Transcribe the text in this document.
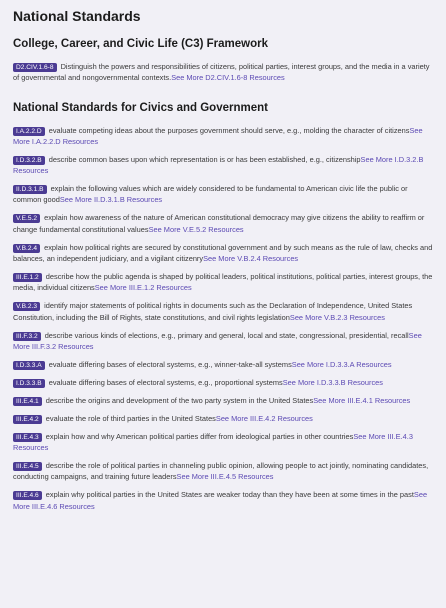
National Standards
College, Career, and Civic Life (C3) Framework

D2.CIV.1.6-8 Distinguish the powers and responsibilities of citizens, political parties, interest groups, and the media in a variety of governmental and nongovernmental contexts.See More D2.CIV.1.6-8 Resources

National Standards for Civics and Government

I.A.2.2.D evaluate competing ideas about the purposes government should serve, e.g., molding the character of citizensSee More I.A.2.2.D Resources

I.D.3.2.B describe common bases upon which representation is or has been established, e.g., citizenshipSee More I.D.3.2.B Resources

II.D.3.1.B explain the following values which are widely considered to be fundamental to American civic life the public or common goodSee More II.D.3.1.B Resources

V.E.5.2 explain how awareness of the nature of American constitutional democracy may give citizens the ability to reaffirm or change fundamental constitutional valuesSee More V.E.5.2 Resources

V.B.2.4 explain how political rights are secured by constitutional government and by such means as the rule of law, checks and balances, an independent judiciary, and a vigilant citizenrySee More V.B.2.4 Resources

III.E.1.2 describe how the public agenda is shaped by political leaders, political institutions, political parties, interest groups, the media, individual citizensSee More III.E.1.2 Resources

V.B.2.3 identify major statements of political rights in documents such as the Declaration of Independence, United States Constitution, including the Bill of Rights, state constitutions, and civil rights legislationSee More V.B.2.3 Resources

III.F.3.2 describe various kinds of elections, e.g., primary and general, local and state, congressional, presidential, recallSee More III.F.3.2 Resources

I.D.3.3.A evaluate differing bases of electoral systems, e.g., winner-take-all systemsSee More I.D.3.3.A Resources

I.D.3.3.B evaluate differing bases of electoral systems, e.g., proportional systemsSee More I.D.3.3.B Resources

III.E.4.1 describe the origins and development of the two party system in the United StatesSee More III.E.4.1 Resources

III.E.4.2 evaluate the role of third parties in the United StatesSee More III.E.4.2 Resources

III.E.4.3 explain how and why American political parties differ from ideological parties in other countriesSee More III.E.4.3 Resources

III.E.4.5 describe the role of political parties in channeling public opinion, allowing people to act jointly, nominating candidates, conducting campaigns, and training future leadersSee More III.E.4.5 Resources

III.E.4.6 explain why political parties in the United States are weaker today than they have been at some times in the pastSee More III.E.4.6 Resources
